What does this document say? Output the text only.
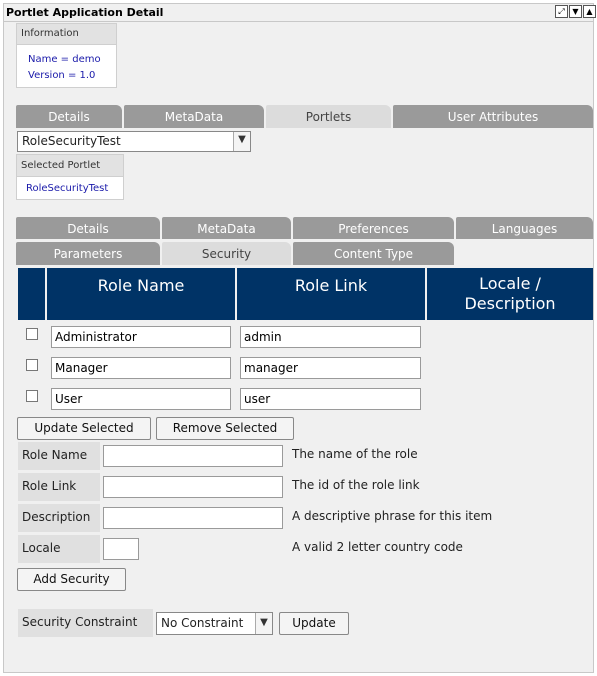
Portlet Application Detail	⤢ ▼ ▲
Information
Name = demo
Version = 1.0
Details	MetaData	Portlets	User Attributes
RoleSecurityTest	▼
Selected Portlet
RoleSecurityTest
Details	MetaData	Preferences	Languages
Parameters	Security	Content Type
Role Name	Role Link	Locale /
Description
Administrator	admin
Manager	manager
User	user
Update Selected	Remove Selected
Role Name	The name of the role
Role Link	The id of the role link
Description	A descriptive phrase for this item
Locale	A valid 2 letter country code
Add Security
Security Constraint	No Constraint	▼	Update
